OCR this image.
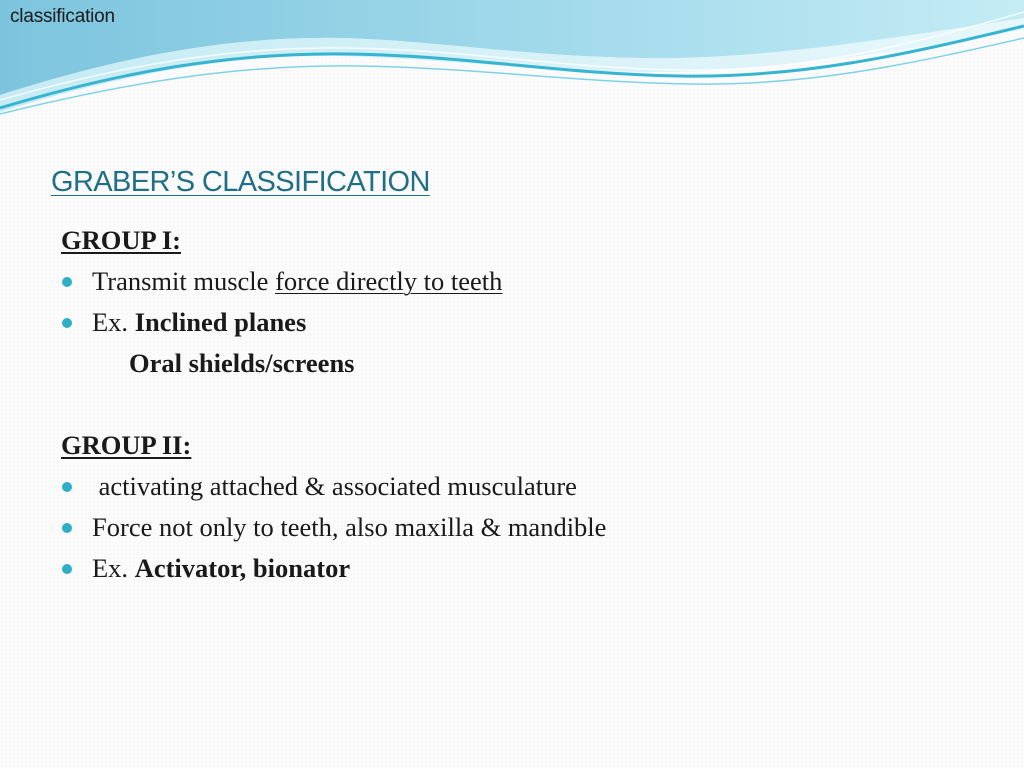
classification
GRABER’S CLASSIFICATION
GROUP I:
Transmit muscle force directly to teeth
Ex. Inclined planes
Oral shields/screens
GROUP II:
activating attached & associated musculature
Force not only to teeth, also maxilla & mandible
Ex. Activator, bionator
